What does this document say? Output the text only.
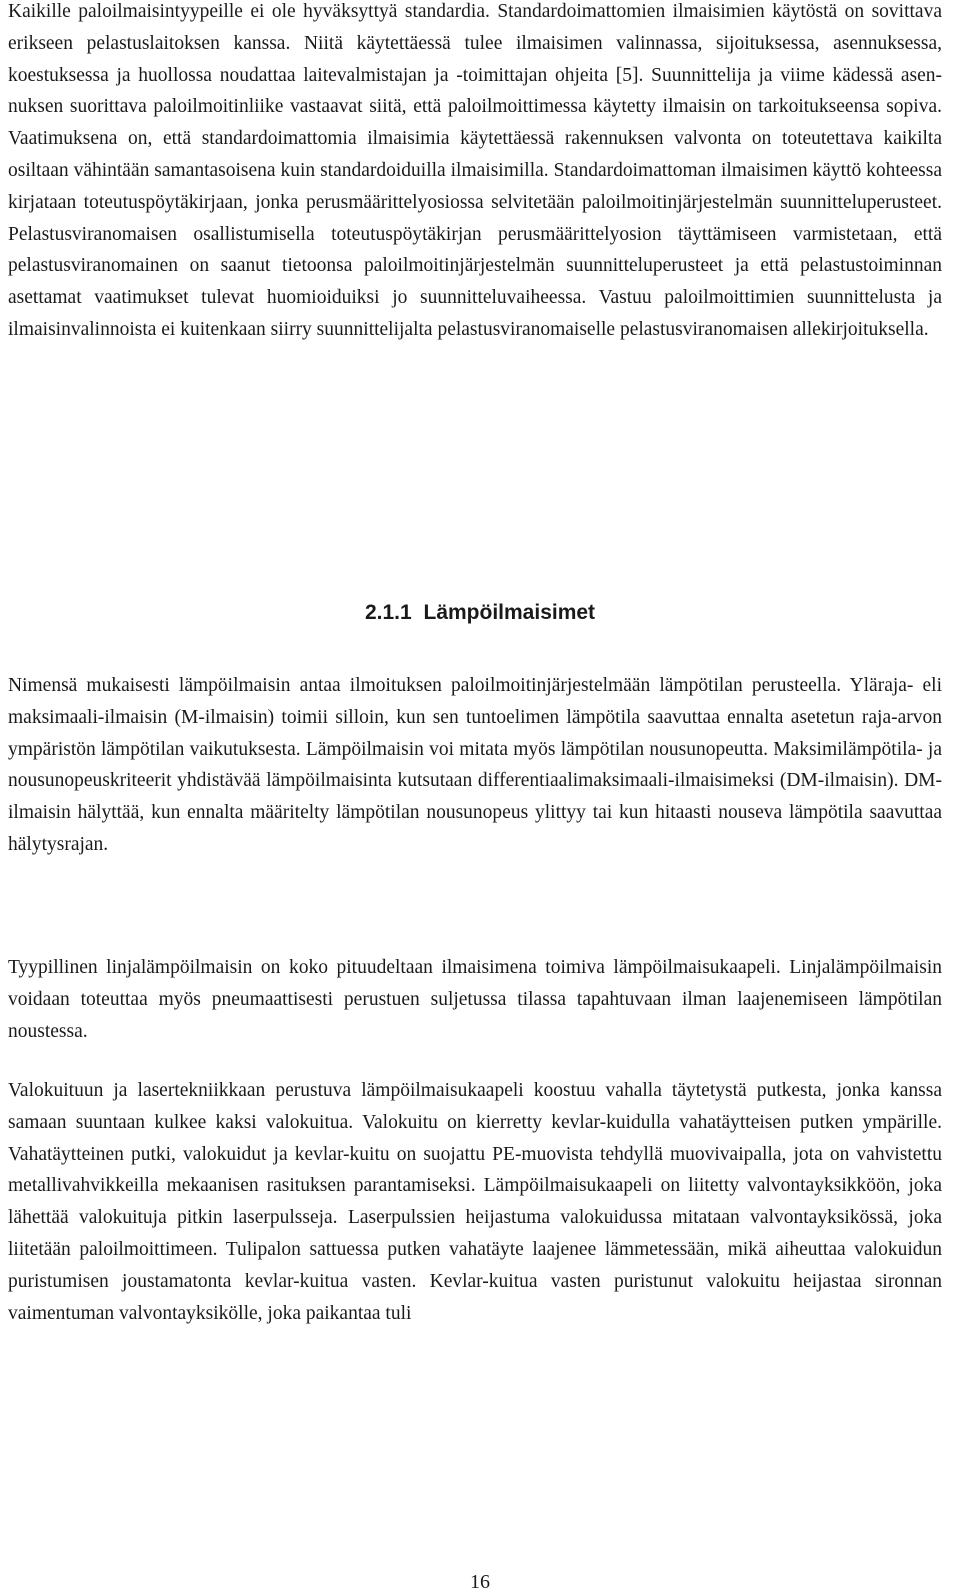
Kaikille paloilmaisintyypeille ei ole hyväksyttyä standardia. Standardoimattomien ilmaisimien käytöstä on sovittava erikseen pelastuslaitoksen kanssa. Niitä käytettäessä tulee ilmaisimen valinnassa, sijoituksessa, asennuksessa, koestuksessa ja huollossa noudattaa laitevalmistajan ja -toimittajan ohjeita [5]. Suunnittelija ja viime kädessä asennuksen suorittava paloilmoitinliike vastaavat siitä, että paloilmoittimessa käytetty ilmaisin on tarkoitukseensa sopiva. Vaatimuksena on, että standardoimattomia ilmaisimia käytettäessä rakennuksen valvonta on toteutettava kaikilta osiltaan vähintään samantasoisena kuin standardoiduilla ilmaisimilla. Standardoimattoman ilmaisimen käyttö kohteessa kirjataan toteutuspöytäkirjaan, jonka perusmäärittelyosiossa selvitetään paloilmoitinjärjestelmän suunnitteluperusteet. Pelastusviranomaisen osallistumisella toteutuspöytäkirjan perusmäärittelyosion täyttämiseen varmistetaan, että pelastusviranomainen on saanut tietoonsa paloilmoitinjärjestelmän suunnitteluperusteet ja että pelastustoiminnan asettamat vaatimukset tulevat huomioiduiksi jo suunnitteluvaiheessa. Vastuu paloilmoittimien suunnittelusta ja ilmaisinvalinnoista ei kuitenkaan siirry suunnittelijalta pelastusviranomaiselle pelastusviranomaisen allekirjoituksella.

2.1.1 Lämpöilmaisimet

Nimensä mukaisesti lämpöilmaisin antaa ilmoituksen paloilmoitinjärjestelmään lämpötilan perusteella. Yläraja- eli maksimaali-ilmaisin (M-ilmaisin) toimii silloin, kun sen tuntoelimen lämpötila saavuttaa ennalta asetetun raja-arvon ympäristön lämpötilan vaikutuksesta. Lämpöilmaisin voi mitata myös lämpötilan nousunopeutta. Maksimilämpötila- ja nousunopeuskriteerit yhdistävää lämpöilmaisinta kutsutaan differentiaalimaksimaali-ilmaisimeksi (DM-ilmaisin). DM-ilmaisin hälyttää, kun ennalta määritelty lämpötilan nousunopeus ylittyy tai kun hitaasti nouseva lämpötila saavuttaa hälytysrajan.

Tyypillinen linjalämpöilmaisin on koko pituudeltaan ilmaisimena toimiva lämpöilmaisukaapeli. Linjalämpöilmaisin voidaan toteuttaa myös pneumaattisesti perustuen suljetussa tilassa tapahtuvaan ilman laajenemiseen lämpötilan noustessa.

Valokuituun ja lasertekniikkaan perustuva lämpöilmaisukaapeli koostuu vahalla täytetystä putkesta, jonka kanssa samaan suuntaan kulkee kaksi valokuitua. Valokuitu on kierretty kevlar-kuidulla vahatäytteisen putken ympärille. Vahatäytteinen putki, valokuidut ja kevlar-kuitu on suojattu PE-muovista tehdyllä muovivaipalla, jota on vahvistettu metallivahvikkeilla mekaanisen rasituksen parantamiseksi. Lämpöilmaisukaapeli on liitetty valvontayksikköön, joka lähettää valokuituja pitkin laserpulsseja. Laserpulssien heijastuma valokuidussa mitataan valvontayksikössä, joka liitetään paloilmoittimeen. Tulipalon sattuessa putken vahatäyte laajenee lämmetessään, mikä aiheuttaa valokuidun puristumisen joustamatonta kevlar-kuitua vasten. Kevlar-kuitua vasten puristunut valokuitu heijastaa sironnan vaimentuman valvontayksikölle, joka paikantaa tuli

16
